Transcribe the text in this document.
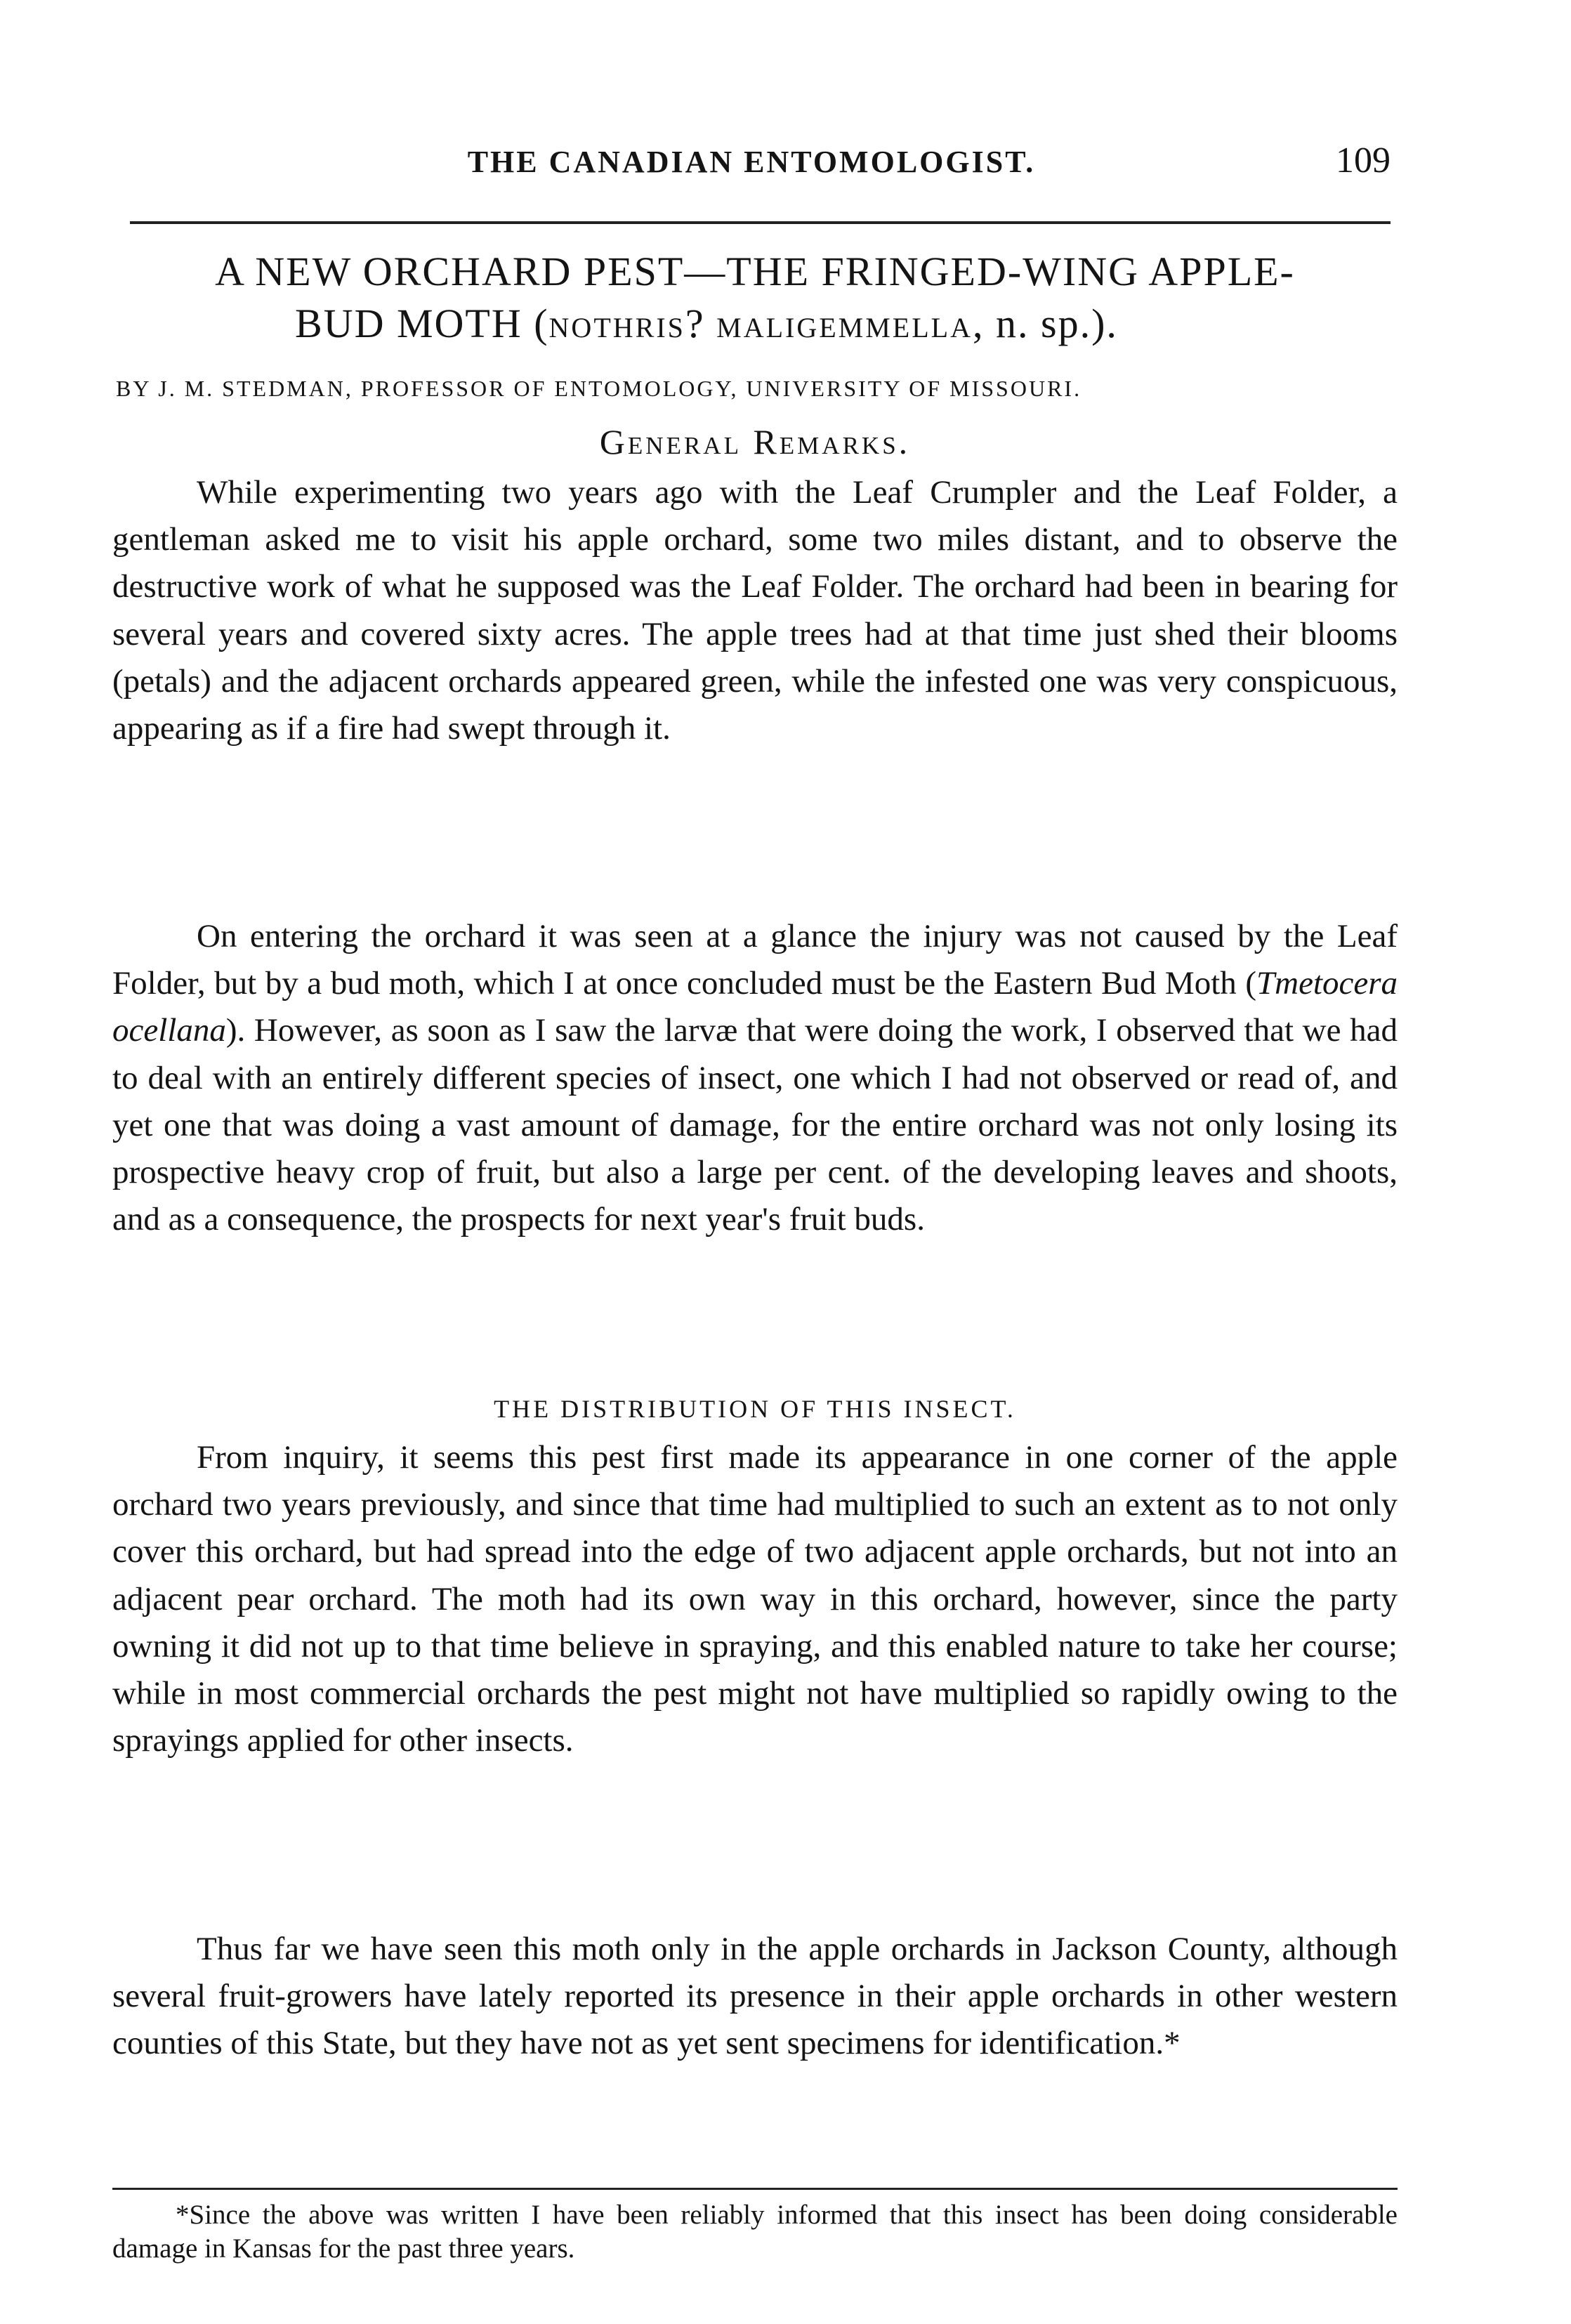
THE CANADIAN ENTOMOLOGIST.	109
A NEW ORCHARD PEST—THE FRINGED-WING APPLE-
BUD MOTH (NOTHRIS? MALIGEMMELLA, n. sp.).
BY J. M. STEDMAN, PROFESSOR OF ENTOMOLOGY, UNIVERSITY OF MISSOURI.
General Remarks.

While experimenting two years ago with the Leaf Crumpler and the Leaf Folder, a gentleman asked me to visit his apple orchard, some two miles distant, and to observe the destructive work of what he supposed was the Leaf Folder. The orchard had been in bearing for several years and covered sixty acres. The apple trees had at that time just shed their blooms (petals) and the adjacent orchards appeared green, while the infested one was very conspicuous, appearing as if a fire had swept through it.

On entering the orchard it was seen at a glance the injury was not caused by the Leaf Folder, but by a bud moth, which I at once concluded must be the Eastern Bud Moth (Tmetocera ocellana). However, as soon as I saw the larvæ that were doing the work, I observed that we had to deal with an entirely different species of insect, one which I had not observed or read of, and yet one that was doing a vast amount of damage, for the entire orchard was not only losing its prospective heavy crop of fruit, but also a large per cent. of the developing leaves and shoots, and as a consequence, the prospects for next year's fruit buds.

THE DISTRIBUTION OF THIS INSECT.

From inquiry, it seems this pest first made its appearance in one corner of the apple orchard two years previously, and since that time had multiplied to such an extent as to not only cover this orchard, but had spread into the edge of two adjacent apple orchards, but not into an adjacent pear orchard. The moth had its own way in this orchard, however, since the party owning it did not up to that time believe in spraying, and this enabled nature to take her course; while in most commercial orchards the pest might not have multiplied so rapidly owing to the sprayings applied for other insects.

Thus far we have seen this moth only in the apple orchards in Jackson County, although several fruit-growers have lately reported its presence in their apple orchards in other western counties of this State, but they have not as yet sent specimens for identification.*

*Since the above was written I have been reliably informed that this insect has been doing considerable damage in Kansas for the past three years.
